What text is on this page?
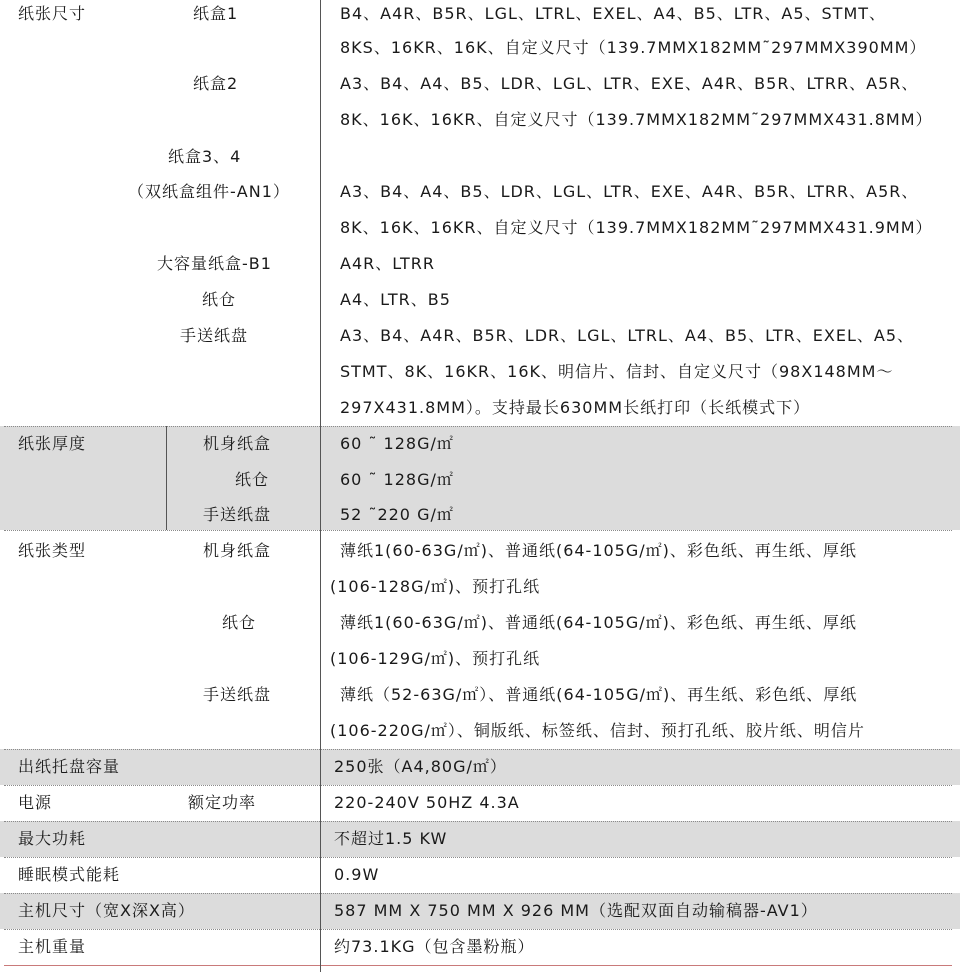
纸张尺寸	纸盒1	B4、A4R、B5R、LGL、LTRL、EXEL、A4、B5、LTR、A5、STMT、
8KS、16KR、16K、自定义尺寸（139.7MMX182MM˜297MMX390MM）
纸盒2	A3、B4、A4、B5、LDR、LGL、LTR、EXE、A4R、B5R、LTRR、A5R、
8K、16K、16KR、自定义尺寸（139.7MMX182MM˜297MMX431.8MM）
纸盒3、4
（双纸盒组件-AN1）	A3、B4、A4、B5、LDR、LGL、LTR、EXE、A4R、B5R、LTRR、A5R、
8K、16K、16KR、自定义尺寸（139.7MMX182MM˜297MMX431.9MM）
大容量纸盒-B1	A4R、LTRR
纸仓	A4、LTR、B5
手送纸盘	A3、B4、A4R、B5R、LDR、LGL、LTRL、A4、B5、LTR、EXEL、A5、
STMT、8K、16KR、16K、明信片、信封、自定义尺寸（98X148MM～
297X431.8MM）。支持最长630MM长纸打印（长纸模式下）
纸张厚度	机身纸盒	60 ˜ 128G/㎡
纸仓	60 ˜ 128G/㎡
手送纸盘	52 ˜220 G/㎡
纸张类型	机身纸盒	薄纸1(60-63G/㎡)、普通纸(64-105G/㎡)、彩色纸、再生纸、厚纸
(106-128G/㎡)、预打孔纸
纸仓	薄纸1(60-63G/㎡)、普通纸(64-105G/㎡)、彩色纸、再生纸、厚纸
(106-129G/㎡)、预打孔纸
手送纸盘	薄纸（52-63G/㎡）、普通纸(64-105G/㎡)、再生纸、彩色纸、厚纸
(106-220G/㎡）、铜版纸、标签纸、信封、预打孔纸、胶片纸、明信片
出纸托盘容量	250张（A4,80G/㎡）
电源	额定功率	220-240V 50HZ 4.3A
最大功耗	不超过1.5 KW
睡眠模式能耗	0.9W
主机尺寸（宽X深X高）	587 MM X 750 MM X 926 MM（选配双面自动输稿器-AV1）
主机重量	约73.1KG（包含墨粉瓶）
